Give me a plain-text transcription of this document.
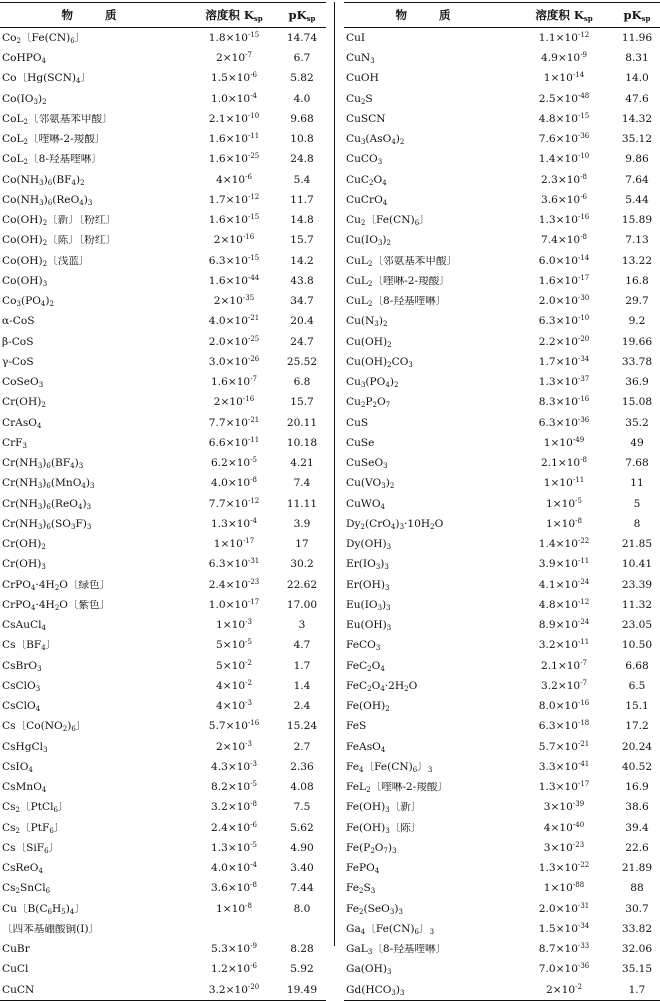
物 质	溶度积 $K_{sp}$	$pK_{sp}$
$Co_2$〔$Fe(CN)_6$〕	$1.8\times 10^{-15}$	14.74
CoHPO$_4$	$2\times 10^{-7}$	6.7
Co〔$Hg(SCN)_4$〕	$1.5\times 10^{-6}$	5.82
$Co(IO_3)_2$	$1.0\times 10^{-4}$	4.0
CoL$_2$〔邻氨基苯甲酸〕	$2.1\times 10^{-10}$	9.68
CoL$_2$〔喹啉-2-羧酸〕	$1.6\times 10^{-11}$	10.8
CoL$_2$〔8-羟基喹啉〕	$1.6\times 10^{-25}$	24.8
$Co(NH_3)_6(BF_4)_2$	$4\times 10^{-6}$	5.4
$Co(NH_3)_6(ReO_4)_3$	$1.7\times 10^{-12}$	11.7
$Co(OH)_2$〔新〕〔粉红〕	$1.6\times 10^{-15}$	14.8
$Co(OH)_2$〔陈〕〔粉红〕	$2\times 10^{-16}$	15.7
$Co(OH)_2$〔浅蓝〕	$6.3\times 10^{-15}$	14.2
$Co(OH)_3$	$1.6\times 10^{-44}$	43.8
$Co_3(PO_4)_2$	$2\times 10^{-35}$	34.7
α-CoS	$4.0\times 10^{-21}$	20.4
β-CoS	$2.0\times 10^{-25}$	24.7
γ-CoS	$3.0\times 10^{-26}$	25.52
CoSeO$_3$	$1.6\times 10^{-7}$	6.8
$Cr(OH)_2$	$2\times 10^{-16}$	15.7
CrAsO$_4$	$7.7\times 10^{-21}$	20.11
CrF$_3$	$6.6\times 10^{-11}$	10.18
$Cr(NH_3)_6(BF_4)_3$	$6.2\times 10^{-5}$	4.21
$Cr(NH_3)_6(MnO_4)_3$	$4.0\times 10^{-8}$	7.4
$Cr(NH_3)_6(ReO_4)_3$	$7.7\times 10^{-12}$	11.11
$Cr(NH_3)_6(SO_3F)_3$	$1.3\times 10^{-4}$	3.9
$Cr(OH)_2$	$1\times 10^{-17}$	17
$Cr(OH)_3$	$6.3\times 10^{-31}$	30.2
$CrPO_4\cdot 4H_2O$〔绿色〕	$2.4\times 10^{-23}$	22.62
$CrPO_4\cdot 4H_2O$〔紫色〕	$1.0\times 10^{-17}$	17.00
CsAuCl$_4$	$1\times 10^{-3}$	3
Cs〔$BF_4$〕	$5\times 10^{-5}$	4.7
CsBrO$_3$	$5\times 10^{-2}$	1.7
CsClO$_3$	$4\times 10^{-2}$	1.4
CsClO$_4$	$4\times 10^{-3}$	2.4
Cs〔$Co(NO_2)_6$〕	$5.7\times 10^{-16}$	15.24
CsHgCl$_3$	$2\times 10^{-3}$	2.7
CsIO$_4$	$4.3\times 10^{-3}$	2.36
CsMnO$_4$	$8.2\times 10^{-5}$	4.08
$Cs_2$〔PtCl$_6$〕	$3.2\times 10^{-8}$	7.5
$Cs_2$〔PtF$_6$〕	$2.4\times 10^{-6}$	5.62
Cs〔SiF$_6$〕	$1.3\times 10^{-5}$	4.90
CsReO$_4$	$4.0\times 10^{-4}$	3.40
$Cs_2SnCl_6$	$3.6\times 10^{-8}$	7.44
Cu〔$B(C_6H_5)_4$〕	$1\times 10^{-8}$	8.0
〔四苯基硼酸铜(Ⅰ)〕
CuBr	$5.3\times 10^{-9}$	8.28
CuCl	$1.2\times 10^{-6}$	5.92
CuCN	$3.2\times 10^{-20}$	19.49
物 质	溶度积 $K_{sp}$	$pK_{sp}$
CuI	$1.1\times 10^{-12}$	11.96
CuN$_3$	$4.9\times 10^{-9}$	8.31
CuOH	$1\times 10^{-14}$	14.0
$Cu_2S$	$2.5\times 10^{-48}$	47.6
CuSCN	$4.8\times 10^{-15}$	14.32
$Cu_3(AsO_4)_2$	$7.6\times 10^{-36}$	35.12
CuCO$_3$	$1.4\times 10^{-10}$	9.86
$CuC_2O_4$	$2.3\times 10^{-8}$	7.64
CuCrO$_4$	$3.6\times 10^{-6}$	5.44
$Cu_2$〔$Fe(CN)_6$〕	$1.3\times 10^{-16}$	15.89
$Cu(IO_3)_2$	$7.4\times 10^{-8}$	7.13
CuL$_2$〔邻氨基苯甲酸〕	$6.0\times 10^{-14}$	13.22
CuL$_2$〔喹啉-2-羧酸〕	$1.6\times 10^{-17}$	16.8
CuL$_2$〔8-羟基喹啉〕	$2.0\times 10^{-30}$	29.7
$Cu(N_3)_2$	$6.3\times 10^{-10}$	9.2
$Cu(OH)_2$	$2.2\times 10^{-20}$	19.66
$Cu(OH)_2CO_3$	$1.7\times 10^{-34}$	33.78
$Cu_3(PO_4)_2$	$1.3\times 10^{-37}$	36.9
$Cu_2P_2O_7$	$8.3\times 10^{-16}$	15.08
CuS	$6.3\times 10^{-36}$	35.2
CuSe	$1\times 10^{-49}$	49
CuSeO$_3$	$2.1\times 10^{-8}$	7.68
$Cu(VO_3)_2$	$1\times 10^{-11}$	11
CuWO$_4$	$1\times 10^{-5}$	5
$Dy_2(CrO_4)_3\cdot 10H_2O$	$1\times 10^{-8}$	8
$Dy(OH)_3$	$1.4\times 10^{-22}$	21.85
$Er(IO_3)_3$	$3.9\times 10^{-11}$	10.41
$Er(OH)_3$	$4.1\times 10^{-24}$	23.39
$Eu(IO_3)_3$	$4.8\times 10^{-12}$	11.32
$Eu(OH)_3$	$8.9\times 10^{-24}$	23.05
FeCO$_3$	$3.2\times 10^{-11}$	10.50
$FeC_2O_4$	$2.1\times 10^{-7}$	6.68
$FeC_2O_4\cdot 2H_2O$	$3.2\times 10^{-7}$	6.5
$Fe(OH)_2$	$8.0\times 10^{-16}$	15.1
FeS	$6.3\times 10^{-18}$	17.2
FeAsO$_4$	$5.7\times 10^{-21}$	20.24
$Fe_4$〔$Fe(CN)_6$〕$_3$	$3.3\times 10^{-41}$	40.52
FeL$_2$〔喹啉-2-羧酸〕	$1.3\times 10^{-17}$	16.9
$Fe(OH)_3$〔新〕	$3\times 10^{-39}$	38.6
$Fe(OH)_3$〔陈〕	$4\times 10^{-40}$	39.4
$Fe(P_2O_7)_3$	$3\times 10^{-23}$	22.6
FePO$_4$	$1.3\times 10^{-22}$	21.89
$Fe_2S_3$	$1\times 10^{-88}$	88
$Fe_2(SeO_3)_3$	$2.0\times 10^{-31}$	30.7
$Ga_4$〔$Fe(CN)_6$〕$_3$	$1.5\times 10^{-34}$	33.82
GaL$_3$〔8-羟基喹啉〕	$8.7\times 10^{-33}$	32.06
$Ga(OH)_3$	$7.0\times 10^{-36}$	35.15
$Gd(HCO_3)_3$	$2\times 10^{-2}$	1.7
